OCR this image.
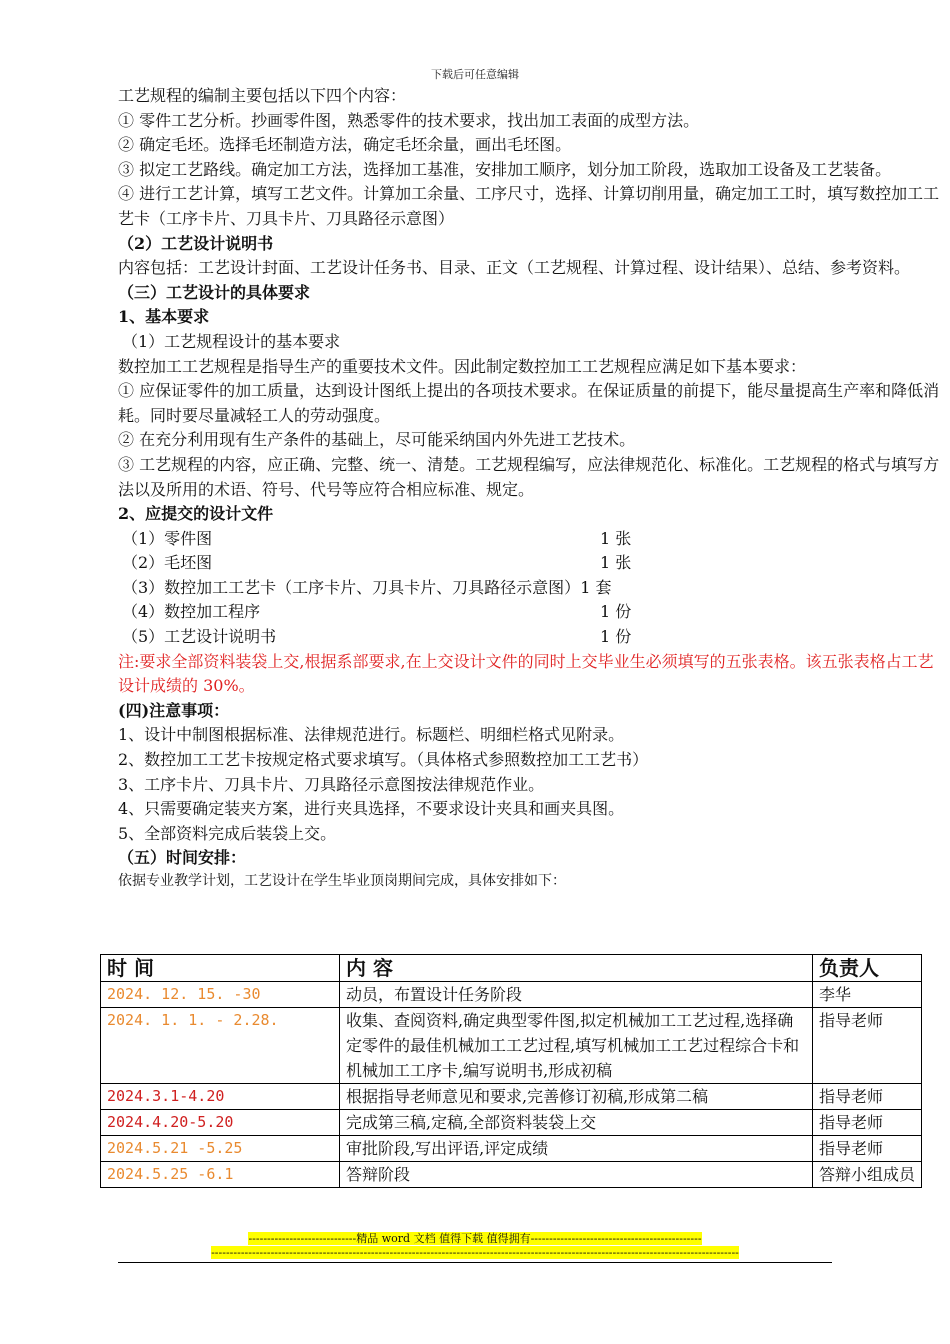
下载后可任意编辑

工艺规程的编制主要包括以下四个内容：

① 零件工艺分析。抄画零件图，熟悉零件的技术要求，找出加工表面的成型方法。

② 确定毛坯。选择毛坯制造方法，确定毛坯余量，画出毛坯图。

③ 拟定工艺路线。确定加工方法，选择加工基准，安排加工顺序，划分加工阶段，选取加工设备及工艺装备。

④ 进行工艺计算，填写工艺文件。计算加工余量、工序尺寸，选择、计算切削用量，确定加工工时，填写数控加工工艺卡（工序卡片、刀具卡片、刀具路径示意图）

（2）工艺设计说明书

内容包括：工艺设计封面、工艺设计任务书、目录、正文（工艺规程、计算过程、设计结果）、总结、参考资料。

（三）工艺设计的具体要求

1、基本要求

（1）工艺规程设计的基本要求

数控加工工艺规程是指导生产的重要技术文件。因此制定数控加工工艺规程应满足如下基本要求：

① 应保证零件的加工质量，达到设计图纸上提出的各项技术要求。在保证质量的前提下，能尽量提高生产率和降低消耗。同时要尽量减轻工人的劳动强度。

② 在充分利用现有生产条件的基础上，尽可能采纳国内外先进工艺技术。

③ 工艺规程的内容，应正确、完整、统一、清楚。工艺规程编写，应法律规范化、标准化。工艺规程的格式与填写方法以及所用的术语、符号、代号等应符合相应标准、规定。

2、应提交的设计文件

（1）零件图	1 张
（2）毛坯图	1 张
（3）数控加工工艺卡（工序卡片、刀具卡片、刀具路径示意图） 1 套
（4）数控加工程序	1 份
（5）工艺设计说明书	1 份

注:要求全部资料装袋上交,根据系部要求,在上交设计文件的同时上交毕业生必须填写的五张表格。该五张表格占工艺设计成绩的 30%。

(四)注意事项：

1、设计中制图根据标准、法律规范进行。标题栏、明细栏格式见附录。

2、数控加工工艺卡按规定格式要求填写。（具体格式参照数控加工工艺书）

3、工序卡片、刀具卡片、刀具路径示意图按法律规范作业。

4、只需要确定装夹方案，进行夹具选择，不要求设计夹具和画夹具图。

5、全部资料完成后装袋上交。

（五）时间安排：

依据专业教学计划，工艺设计在学生毕业顶岗期间完成，具体安排如下：

时 间	内 容	负责人
2024. 12. 15. -30	动员，布置设计任务阶段	李华
2024. 1. 1. - 2.28.	收集、查阅资料,确定典型零件图,拟定机械加工工艺过程,选择确定零件的最佳机械加工工艺过程,填写机械加工工艺过程综合卡和机械加工工序卡,编写说明书,形成初稿	指导老师
2024.3.1-4.20	根据指导老师意见和要求,完善修订初稿,形成第二稿	指导老师
2024.4.20-5.20	完成第三稿,定稿,全部资料装袋上交	指导老师
2024.5.21 -5.25	审批阶段,写出评语,评定成绩	指导老师
2024.5.25 -6.1	答辩阶段	答辩小组成员
-----------------------------精品 word 文档 值得下载 值得拥有----------------------------------------------
----------------------------------------------------------------------------------------------------------------------------------------------
